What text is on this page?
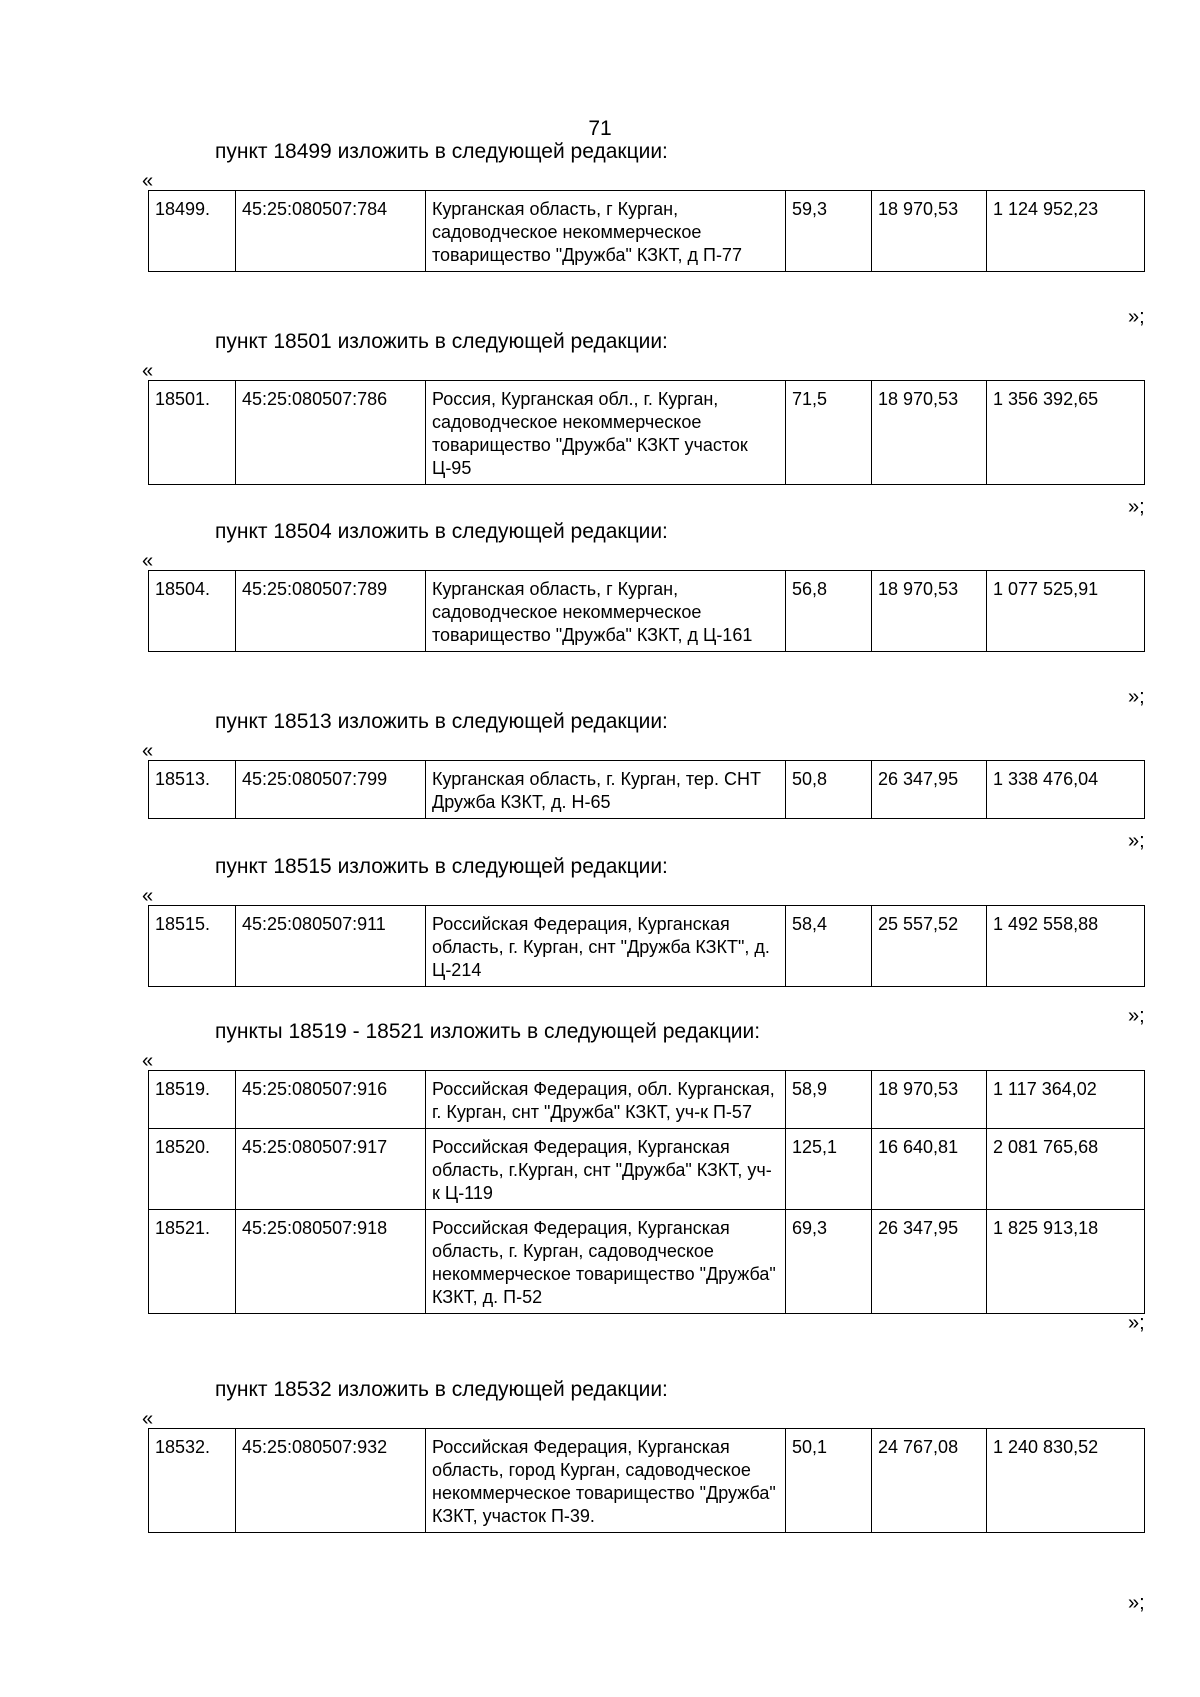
71
пункт 18499 изложить в следующей редакции:
«
18499.	45:25:080507:784	Курганская область, г Курган, садоводческое некоммерческое товарищество "Дружба" КЗКТ, д П-77	59,3	18 970,53	1 124 952,23
»;
пункт 18501 изложить в следующей редакции:
«
18501.	45:25:080507:786	Россия, Курганская обл., г. Курган, садоводческое некоммерческое товарищество "Дружба" КЗКТ участок Ц-95	71,5	18 970,53	1 356 392,65
»;
пункт 18504 изложить в следующей редакции:
«
18504.	45:25:080507:789	Курганская область, г Курган, садоводческое некоммерческое товарищество "Дружба" КЗКТ, д Ц-161	56,8	18 970,53	1 077 525,91
»;
пункт 18513 изложить в следующей редакции:
«
18513.	45:25:080507:799	Курганская область, г. Курган, тер. СНТ Дружба КЗКТ, д. Н-65	50,8	26 347,95	1 338 476,04
»;
пункт 18515 изложить в следующей редакции:
«
18515.	45:25:080507:911	Российская Федерация, Курганская область, г. Курган, снт "Дружба КЗКТ", д. Ц-214	58,4	25 557,52	1 492 558,88
»;
пункты 18519 - 18521 изложить в следующей редакции:
«
18519.	45:25:080507:916	Российская Федерация, обл. Курганская, г. Курган, снт "Дружба" КЗКТ, уч-к П-57	58,9	18 970,53	1 117 364,02
18520.	45:25:080507:917	Российская Федерация, Курганская область, г.Курган, снт "Дружба" КЗКТ, уч-к Ц-119	125,1	16 640,81	2 081 765,68
18521.	45:25:080507:918	Российская Федерация, Курганская область, г. Курган, садоводческое некоммерческое товарищество "Дружба" КЗКТ, д. П-52	69,3	26 347,95	1 825 913,18
»;
пункт 18532 изложить в следующей редакции:
«
18532.	45:25:080507:932	Российская Федерация, Курганская область, город Курган, садоводческое некоммерческое товарищество "Дружба" КЗКТ, участок П-39.	50,1	24 767,08	1 240 830,52
»;
